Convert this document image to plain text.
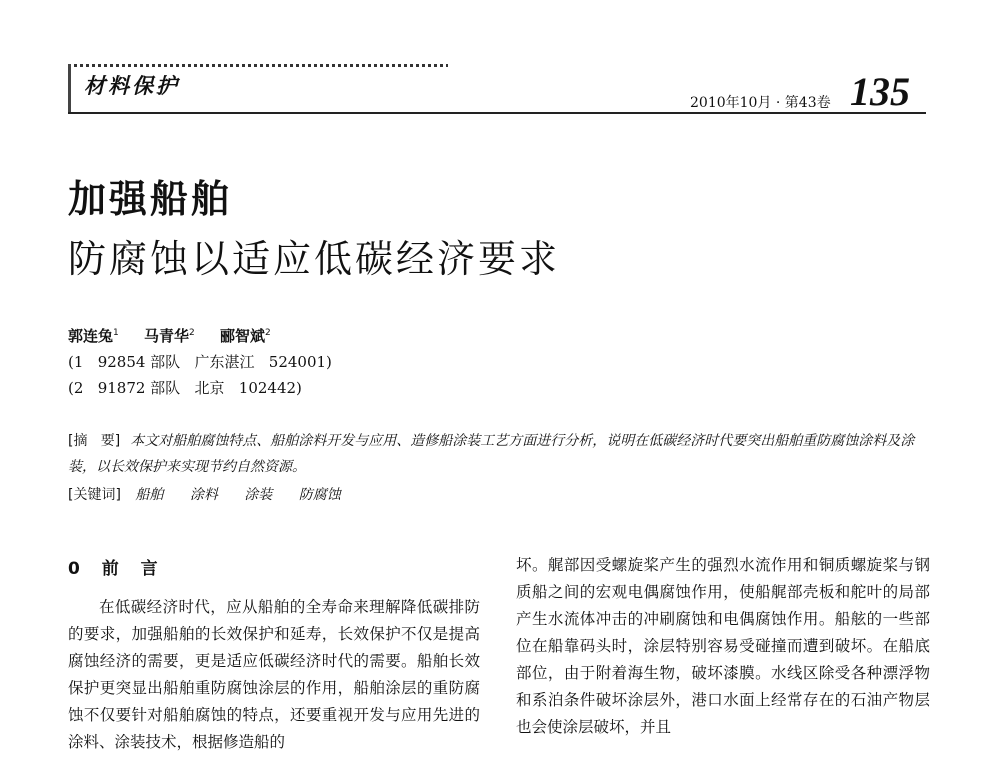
材料保护
2010年10月 · 第43卷 135
加强船舶
防腐蚀以适应低碳经济要求
郭连兔$^1$ 马青华$^2$ 郦智斌$^2$
(1   92854 部队   广东湛江   524001)
(2   91872 部队   北京   102442)
[摘   要] 本文对船舶腐蚀特点、船舶涂料开发与应用、造修船涂装工艺方面进行分析，说明在低碳经济时代要突出船舶重防腐蚀涂料及涂装，以长效保护来实现节约自然资源。
[关键词] 船舶 涂料 涂装 防腐蚀
0 前 言
在低碳经济时代，应从船舶的全寿命来理解降低碳排防的要求，加强船舶的长效保护和延寿，长效保护不仅是提高腐蚀经济的需要，更是适应低碳经济时代的需要。船舶长效保护更突显出船舶重防腐蚀涂层的作用，船舶涂层的重防腐蚀不仅要针对船舶腐蚀的特点，还要重视开发与应用先进的涂料、涂装技术，根据修造船的
坏。艉部因受螺旋桨产生的强烈水流作用和铜质螺旋桨与钢质船之间的宏观电偶腐蚀作用，使船艉部壳板和舵叶的局部产生水流体冲击的冲刷腐蚀和电偶腐蚀作用。船舷的一些部位在船靠码头时，涂层特别容易受碰撞而遭到破坏。在船底部位，由于附着海生物，破坏漆膜。水线区除受各种漂浮物和系泊条件破坏涂层外，港口水面上经常存在的石油产物层也会使涂层破坏，并且
